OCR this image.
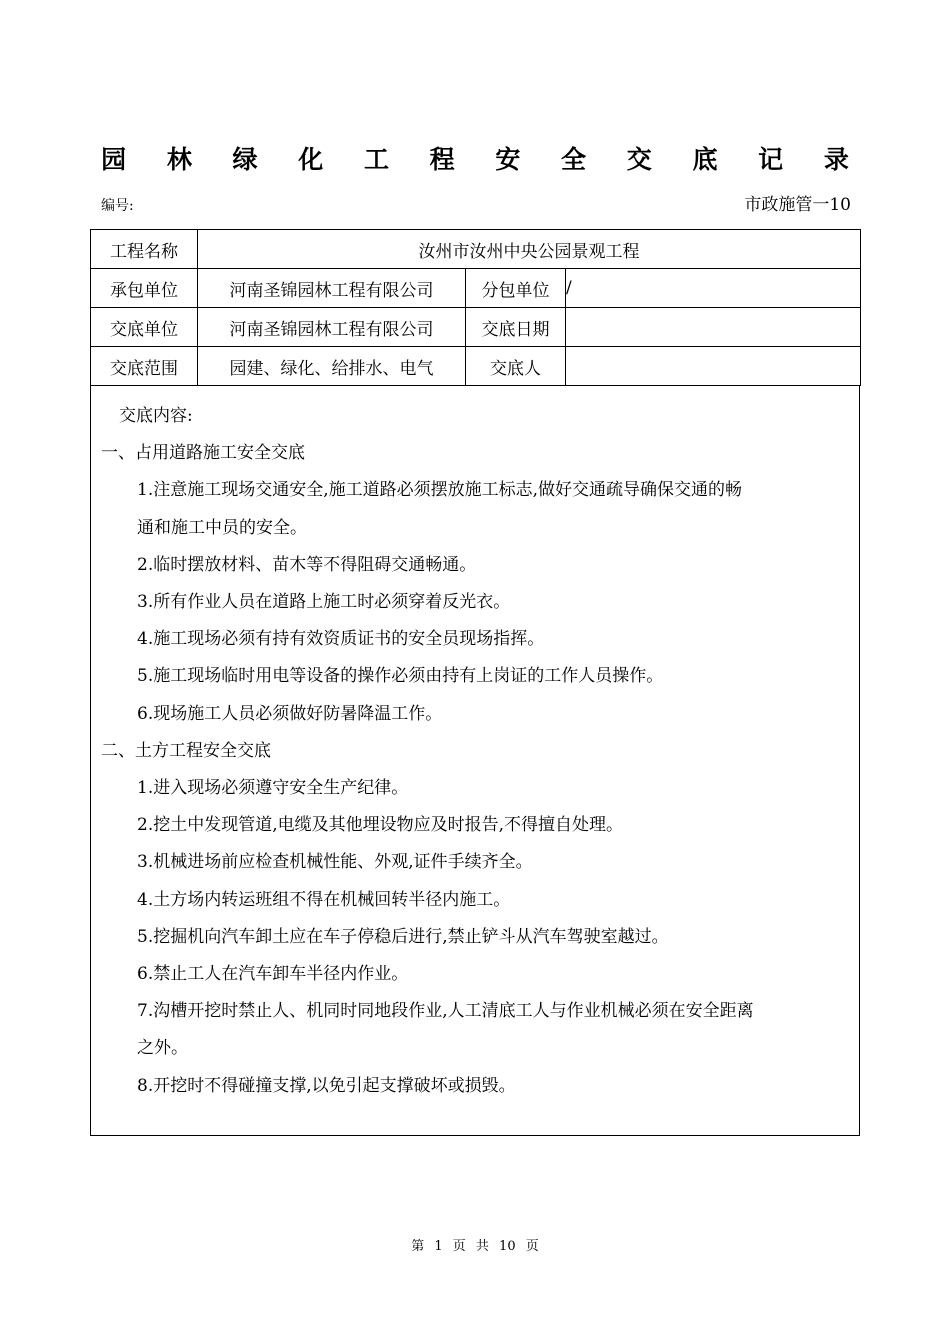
园 林 绿 化 工 程 安 全 交 底 记 录
编号:	市政施管一10
工程名称	汝州市汝州中央公园景观工程		
承包单位	河南圣锦园林工程有限公司	分包单位	/
交底单位	河南圣锦园林工程有限公司	交底日期	
交底范围	园建、绿化、给排水、电气	交底人	
交底内容:
一、占用道路施工安全交底
1.注意施工现场交通安全,施工道路必须摆放施工标志,做好交通疏导确保交通的畅
通和施工中员的安全。
2.临时摆放材料、苗木等不得阻碍交通畅通。
3.所有作业人员在道路上施工时必须穿着反光衣。
4.施工现场必须有持有效资质证书的安全员现场指挥。
5.施工现场临时用电等设备的操作必须由持有上岗证的工作人员操作。
6.现场施工人员必须做好防暑降温工作。
二、土方工程安全交底
1.进入现场必须遵守安全生产纪律。
2.挖土中发现管道,电缆及其他埋设物应及时报告,不得擅自处理。
3.机械进场前应检查机械性能、外观,证件手续齐全。
4.土方场内转运班组不得在机械回转半径内施工。
5.挖掘机向汽车卸土应在车子停稳后进行,禁止铲斗从汽车驾驶室越过。
6.禁止工人在汽车卸车半径内作业。
7.沟槽开挖时禁止人、机同时同地段作业,人工清底工人与作业机械必须在安全距离
之外。
8.开挖时不得碰撞支撑,以免引起支撑破坏或损毁。
第 1 页 共 10 页
